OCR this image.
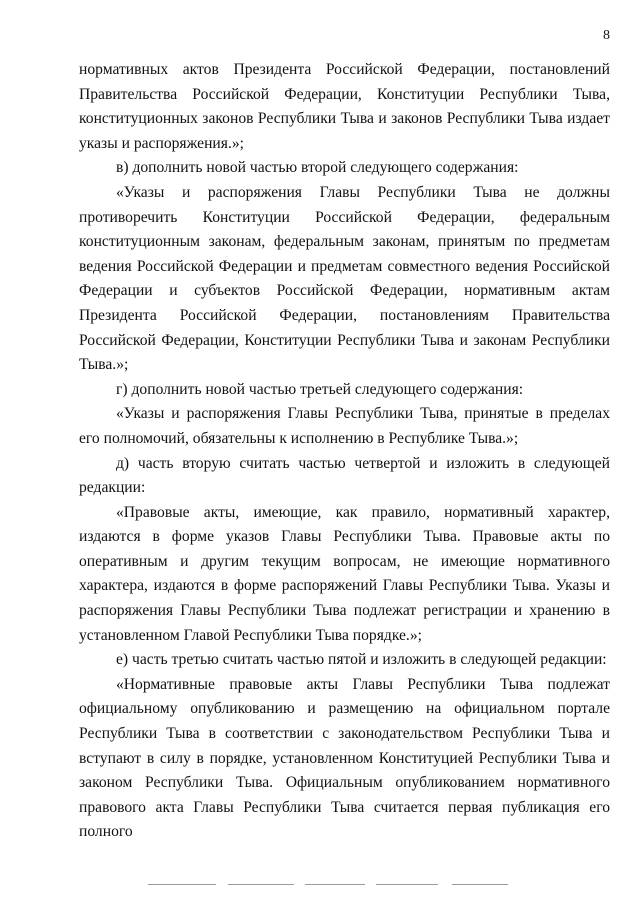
8

нормативных актов Президента Российской Федерации, постановлений Правительства Российской Федерации, Конституции Республики Тыва, конституционных законов Республики Тыва и законов Республики Тыва издает указы и распоряжения.»;

в) дополнить новой частью второй следующего содержания:

«Указы и распоряжения Главы Республики Тыва не должны противоречить Конституции Российской Федерации, федеральным конституционным законам, федеральным законам, принятым по предметам ведения Российской Федерации и предметам совместного ведения Российской Федерации и субъектов Российской Федерации, нормативным актам Президента Российской Федерации, постановлениям Правительства Российской Федерации, Конституции Республики Тыва и законам Республики Тыва.»;

г) дополнить новой частью третьей следующего содержания:

«Указы и распоряжения Главы Республики Тыва, принятые в пределах его полномочий, обязательны к исполнению в Республике Тыва.»;

д) часть вторую считать частью четвертой и изложить в следующей редакции:

«Правовые акты, имеющие, как правило, нормативный характер, издаются в форме указов Главы Республики Тыва. Правовые акты по оперативным и другим текущим вопросам, не имеющие нормативного характера, издаются в форме распоряжений Главы Республики Тыва. Указы и распоряжения Главы Республики Тыва подлежат регистрации и хранению в установленном Главой Республики Тыва порядке.»;

е) часть третью считать частью пятой и изложить в следующей редакции:

«Нормативные правовые акты Главы Республики Тыва подлежат официальному опубликованию и размещению на официальном портале Республики Тыва в соответствии с законодательством Республики Тыва и вступают в силу в порядке, установленном Конституцией Республики Тыва и законом Республики Тыва. Официальным опубликованием нормативного правового акта Главы Республики Тыва считается первая публикация его полного
